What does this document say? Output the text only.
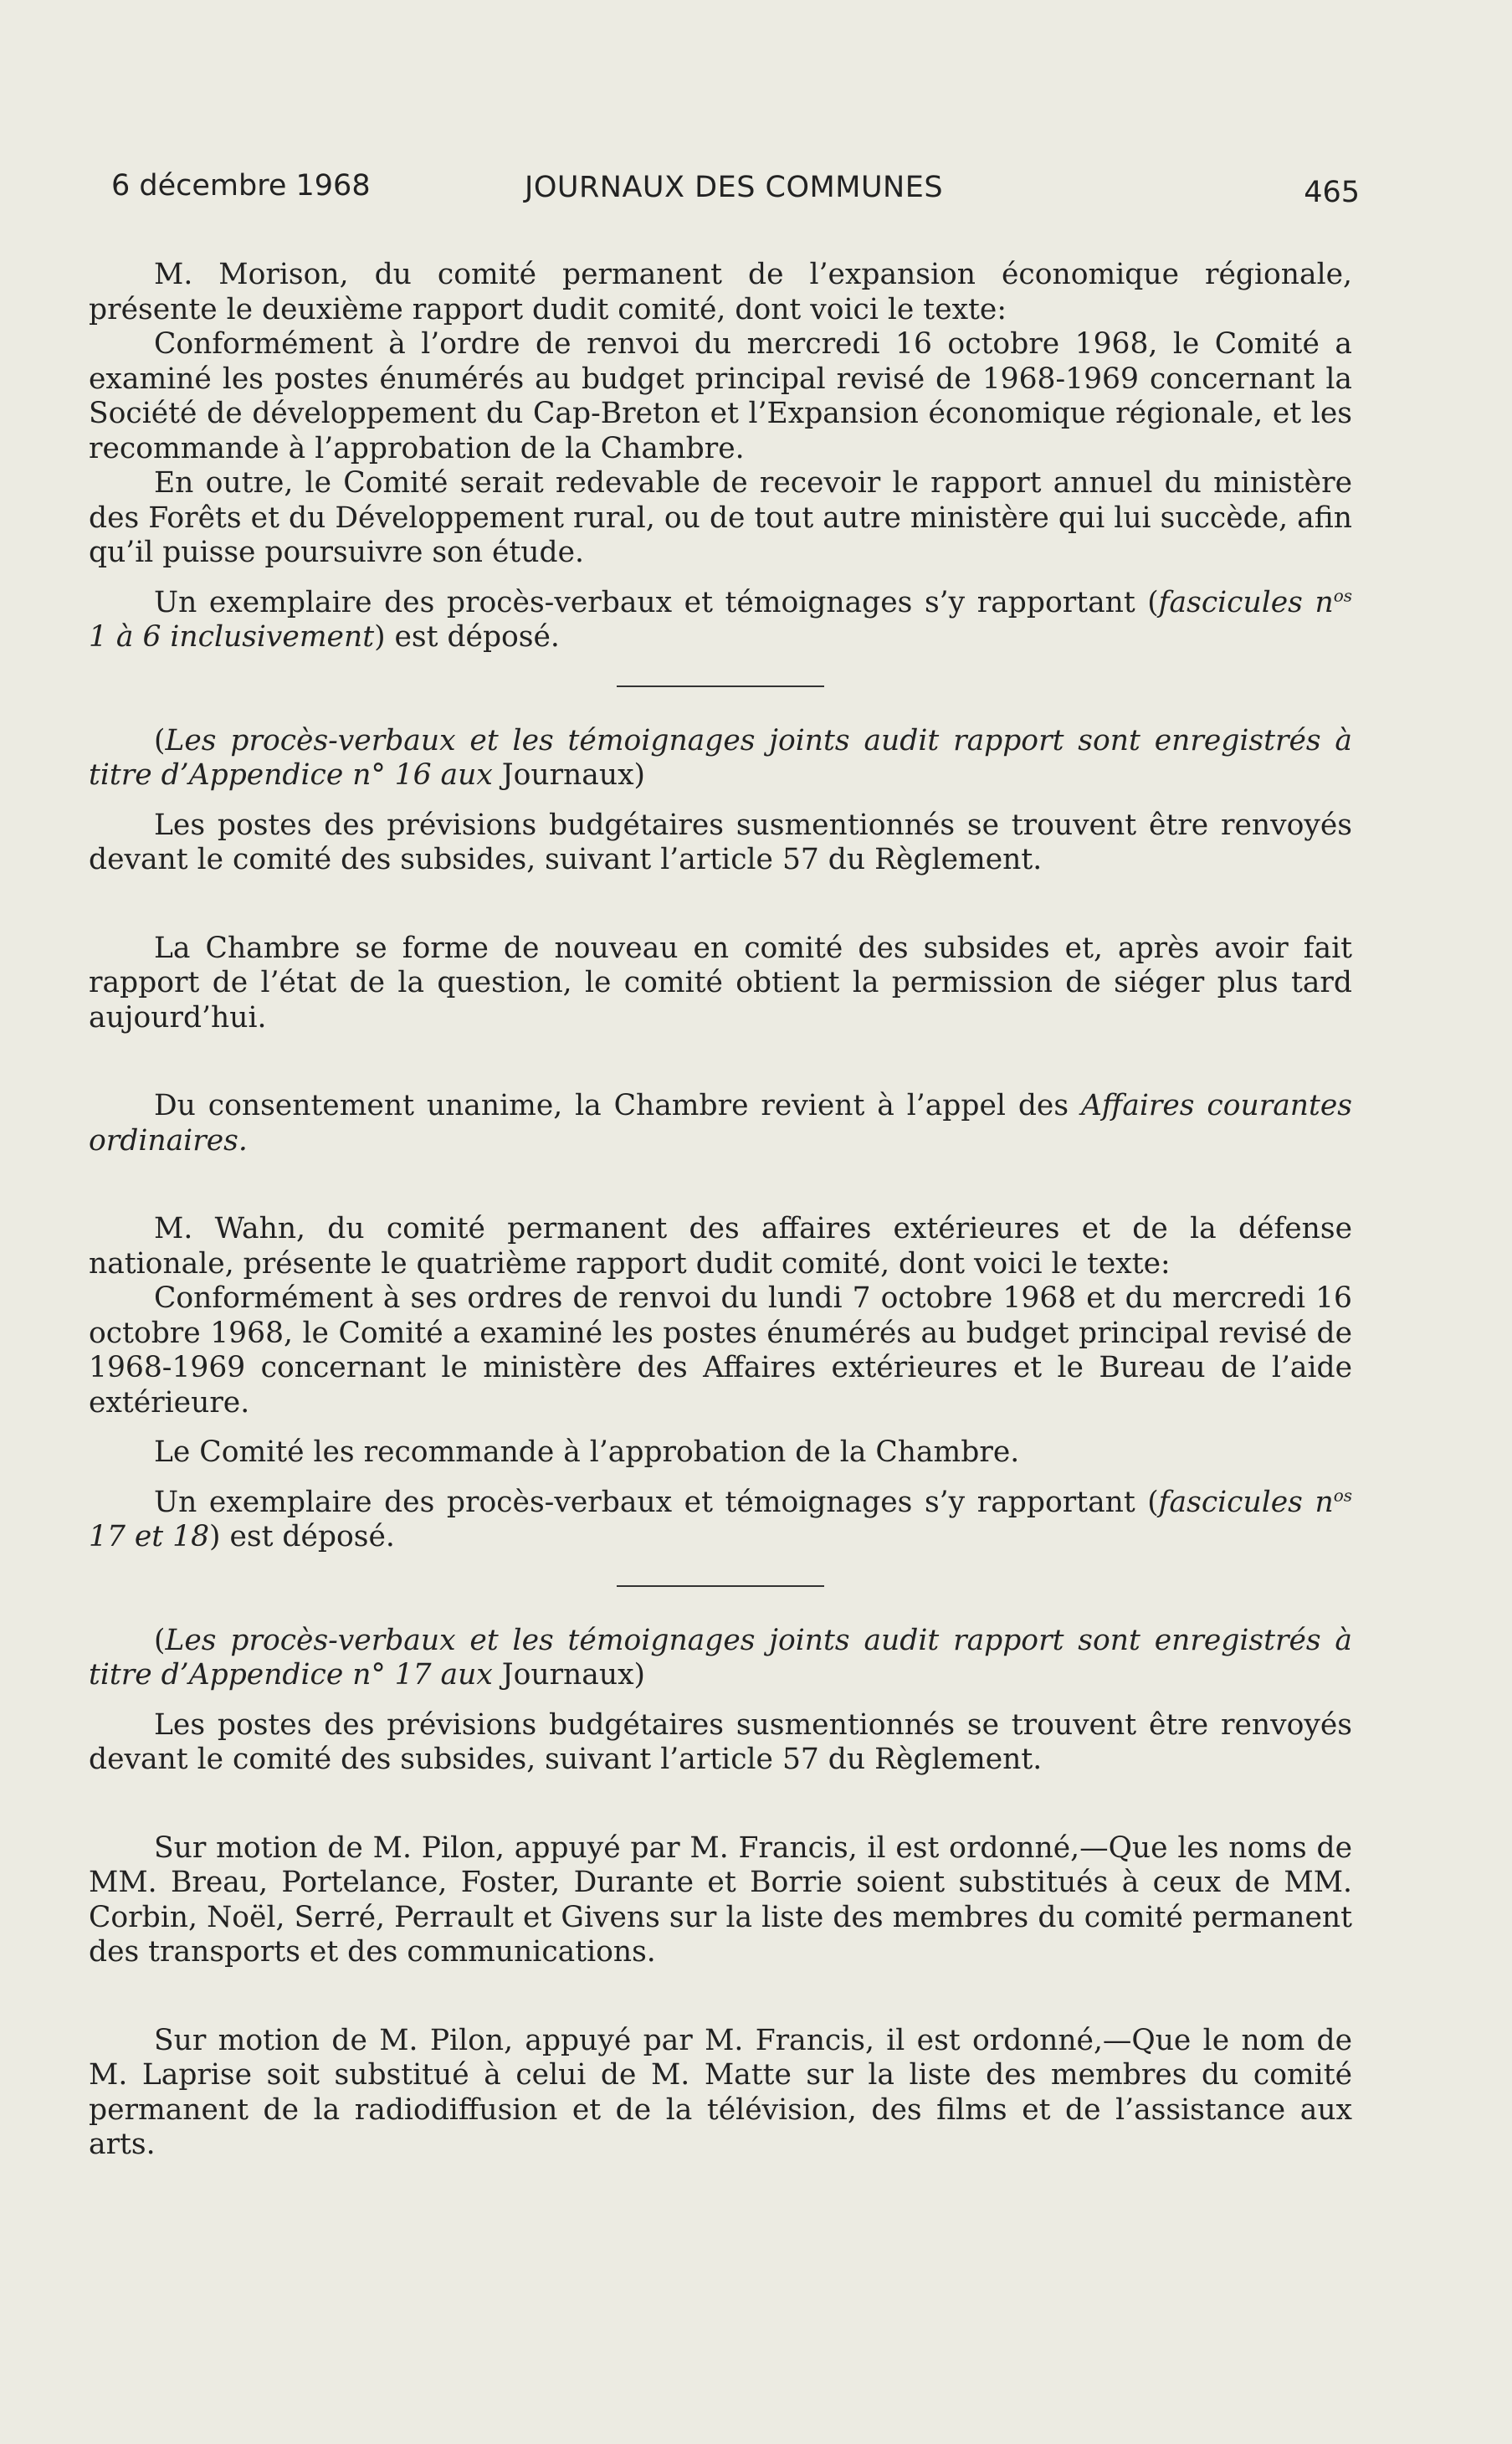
6 décembre 1968	JOURNAUX DES COMMUNES	465

M. Morison, du comité permanent de l’expansion économique régionale, présente le deuxième rapport dudit comité, dont voici le texte:

Conformément à l’ordre de renvoi du mercredi 16 octobre 1968, le Comité a examiné les postes énumérés au budget principal revisé de 1968-1969 concernant la Société de développement du Cap-Breton et l’Expansion économique régionale, et les recommande à l’approbation de la Chambre.

En outre, le Comité serait redevable de recevoir le rapport annuel du ministère des Forêts et du Développement rural, ou de tout autre ministère qui lui succède, afin qu’il puisse poursuivre son étude.

Un exemplaire des procès-verbaux et témoignages s’y rapportant (fascicules $n^{os}$ 1 à 6 inclusivement) est déposé.

(Les procès-verbaux et les témoignages joints audit rapport sont enregistrés à titre d’Appendice n° 16 aux Journaux)

Les postes des prévisions budgétaires susmentionnés se trouvent être renvoyés devant le comité des subsides, suivant l’article 57 du Règlement.

La Chambre se forme de nouveau en comité des subsides et, après avoir fait rapport de l’état de la question, le comité obtient la permission de siéger plus tard aujourd’hui.

Du consentement unanime, la Chambre revient à l’appel des Affaires courantes ordinaires.

M. Wahn, du comité permanent des affaires extérieures et de la défense nationale, présente le quatrième rapport dudit comité, dont voici le texte:

Conformément à ses ordres de renvoi du lundi 7 octobre 1968 et du mercredi 16 octobre 1968, le Comité a examiné les postes énumérés au budget principal revisé de 1968-1969 concernant le ministère des Affaires extérieures et le Bureau de l’aide extérieure.

Le Comité les recommande à l’approbation de la Chambre.

Un exemplaire des procès-verbaux et témoignages s’y rapportant (fascicules $n^{os}$ 17 et 18) est déposé.

(Les procès-verbaux et les témoignages joints audit rapport sont enregistrés à titre d’Appendice n° 17 aux Journaux)

Les postes des prévisions budgétaires susmentionnés se trouvent être renvoyés devant le comité des subsides, suivant l’article 57 du Règlement.

Sur motion de M. Pilon, appuyé par M. Francis, il est ordonné,—Que les noms de MM. Breau, Portelance, Foster, Durante et Borrie soient substitués à ceux de MM. Corbin, Noël, Serré, Perrault et Givens sur la liste des membres du comité permanent des transports et des communications.

Sur motion de M. Pilon, appuyé par M. Francis, il est ordonné,—Que le nom de M. Laprise soit substitué à celui de M. Matte sur la liste des membres du comité permanent de la radiodiffusion et de la télévision, des films et de l’assistance aux arts.
